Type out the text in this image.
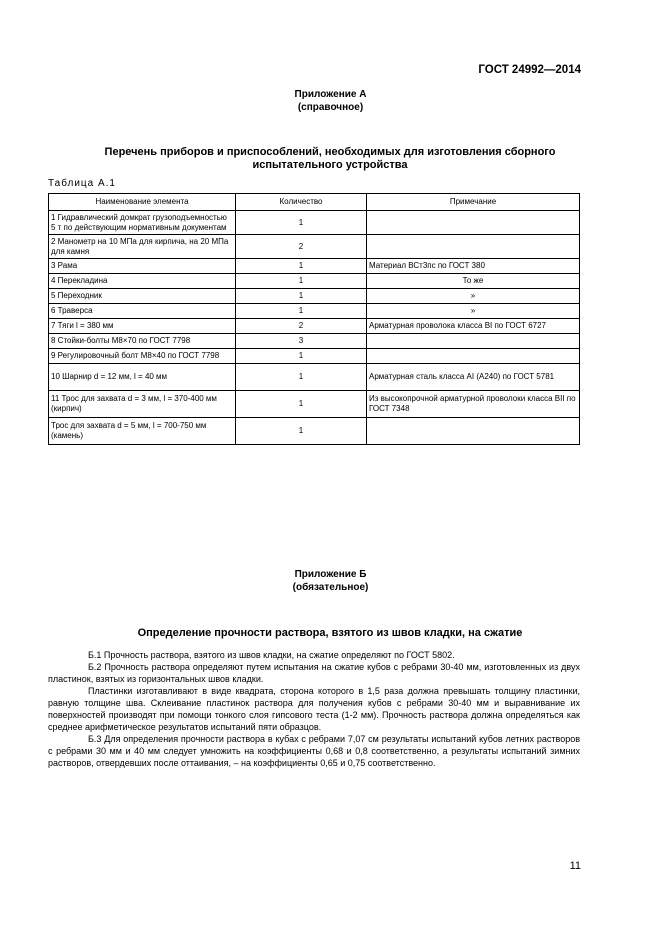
ГОСТ 24992—2014
Приложение А
(справочное)
Перечень приборов и приспособлений, необходимых для изготовления сборного
испытательного устройства
Таблица А.1
Наименование элемента	Количество	Примечание
1 Гидравлический домкрат грузоподъемностью 5 т по действующим нормативным документам	1	
2 Манометр на 10 МПа для кирпича, на 20 МПа для камня	2	
3 Рама	1	Материал ВСт3пс по ГОСТ 380
4 Перекладина	1	То же
5 Переходник	1	»
6 Траверса	1	»
7 Тяги l = 380 мм	2	Арматурная проволока класса BI по ГОСТ 6727
8 Стойки-болты М8×70 по ГОСТ 7798	3	
9 Регулировочный болт М8×40 по ГОСТ 7798	1	
10 Шарнир d = 12 мм, l = 40 мм	1	Арматурная сталь класса AI (А240) по ГОСТ 5781
11 Трос для захвата d = 3 мм, l = 370-400 мм (кирпич)	1	Из высокопрочной арматурной проволоки класса BII по ГОСТ 7348
Трос для захвата d = 5 мм, l = 700-750 мм (камень)	1	
Приложение Б
(обязательное)
Определение прочности раствора, взятого из швов кладки, на сжатие

Б.1 Прочность раствора, взятого из швов кладки, на сжатие определяют по ГОСТ 5802.

Б.2 Прочность раствора определяют путем испытания на сжатие кубов с ребрами 30-40 мм, изготовленных из двух пластинок, взятых из горизонтальных швов кладки.

Пластинки изготавливают в виде квадрата, сторона которого в 1,5 раза должна превышать толщину пластинки, равную толщине шва. Склеивание пластинок раствора для получения кубов с ребрами 30-40 мм и выравнивание их поверхностей производят при помощи тонкого слоя гипсового теста (1-2 мм). Прочность раствора должна определяться как среднее арифметическое результатов испытаний пяти образцов.

Б.3 Для определения прочности раствора в кубах с ребрами 7,07 см результаты испытаний кубов летних растворов с ребрами 30 мм и 40 мм следует умножить на коэффициенты 0,68 и 0,8 соответственно, а результаты испытаний зимних растворов, отвердевших после оттаивания, – на коэффициенты 0,65 и 0,75 соответственно.

11
